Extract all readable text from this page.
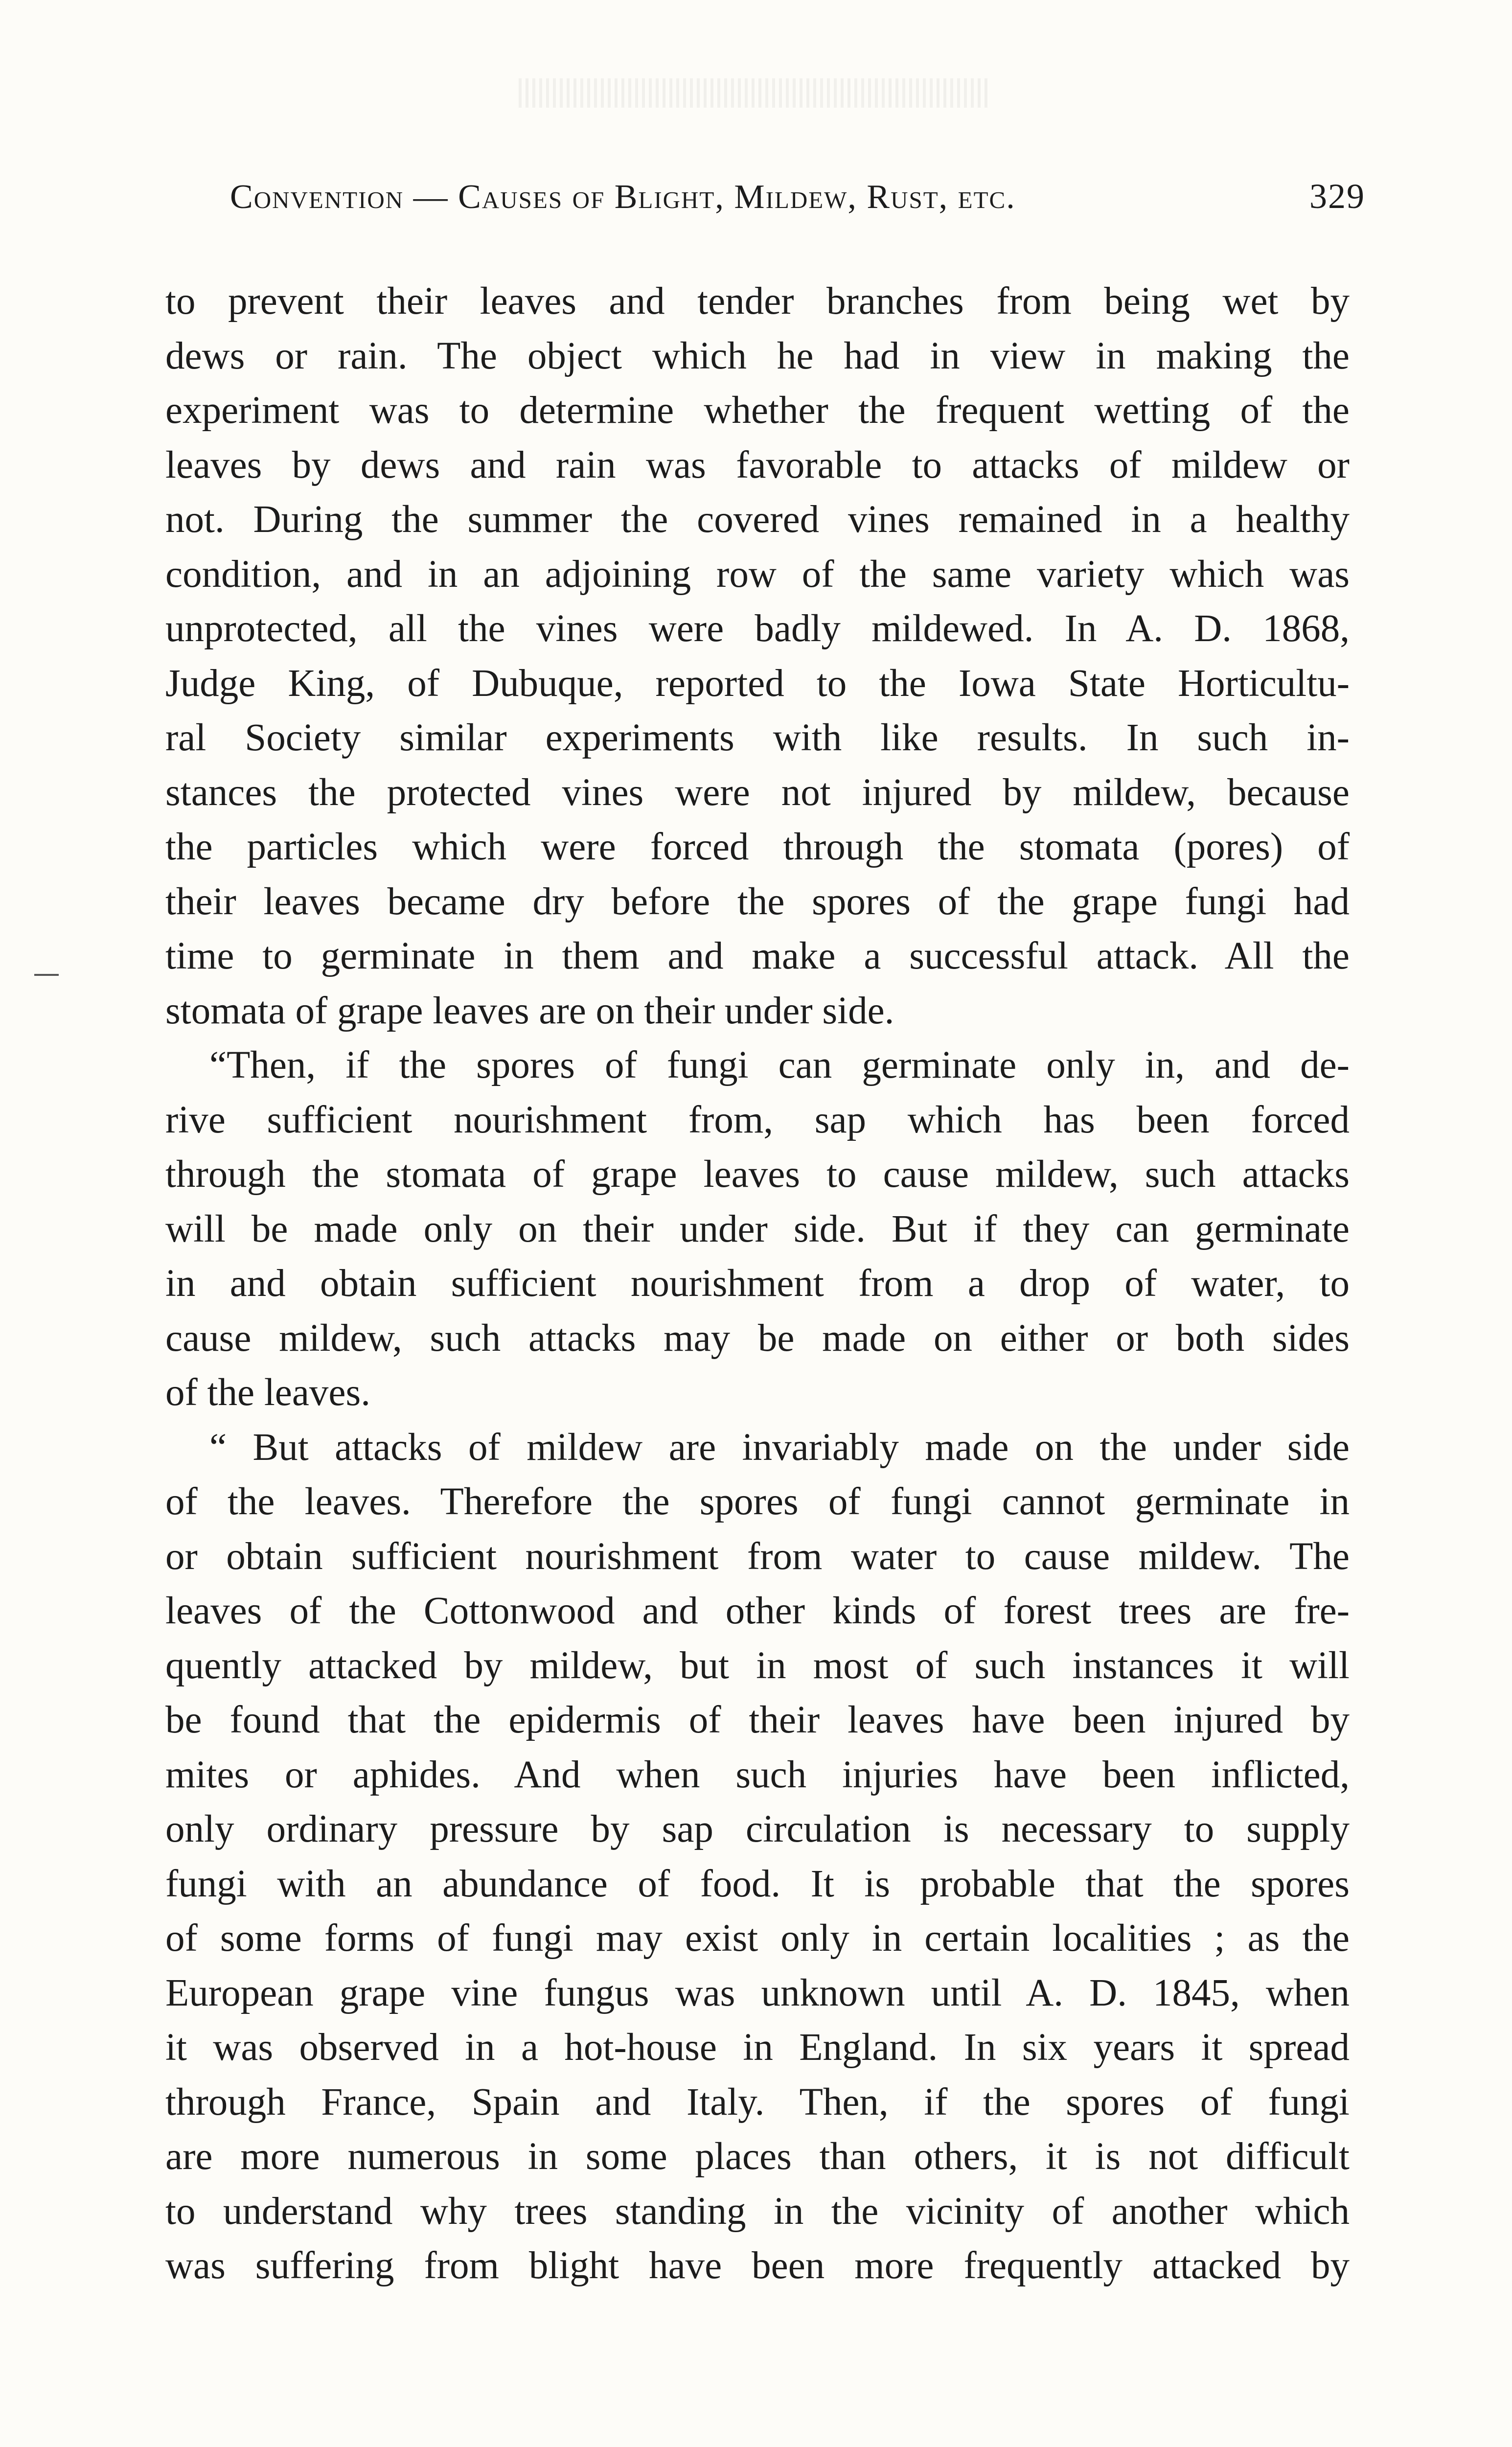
Convention — Causes of Blight, Mildew, Rust, etc.	329
to prevent their leaves and tender branches from being wet by
dews or rain. The object which he had in view in making the
experiment was to determine whether the frequent wetting of the
leaves by dews and rain was favorable to attacks of mildew or
not. During the summer the covered vines remained in a healthy
condition, and in an adjoining row of the same variety which was
unprotected, all the vines were badly mildewed. In A. D. 1868,
Judge King, of Dubuque, reported to the Iowa State Horticultu-
ral Society similar experiments with like results. In such in-
stances the protected vines were not injured by mildew, because
the particles which were forced through the stomata (pores) of
their leaves became dry before the spores of the grape fungi had
time to germinate in them and make a successful attack. All the
stomata of grape leaves are on their under side.
“Then, if the spores of fungi can germinate only in, and de-
rive sufficient nourishment from, sap which has been forced
through the stomata of grape leaves to cause mildew, such attacks
will be made only on their under side. But if they can germinate
in and obtain sufficient nourishment from a drop of water, to
cause mildew, such attacks may be made on either or both sides
of the leaves.
“ But attacks of mildew are invariably made on the under side
of the leaves. Therefore the spores of fungi cannot germinate in
or obtain sufficient nourishment from water to cause mildew. The
leaves of the Cottonwood and other kinds of forest trees are fre-
quently attacked by mildew, but in most of such instances it will
be found that the epidermis of their leaves have been injured by
mites or aphides. And when such injuries have been inflicted,
only ordinary pressure by sap circulation is necessary to supply
fungi with an abundance of food. It is probable that the spores
of some forms of fungi may exist only in certain localities ; as the
European grape vine fungus was unknown until A. D. 1845, when
it was observed in a hot-house in England. In six years it spread
through France, Spain and Italy. Then, if the spores of fungi
are more numerous in some places than others, it is not difficult
to understand why trees standing in the vicinity of another which
was suffering from blight have been more frequently attacked by
